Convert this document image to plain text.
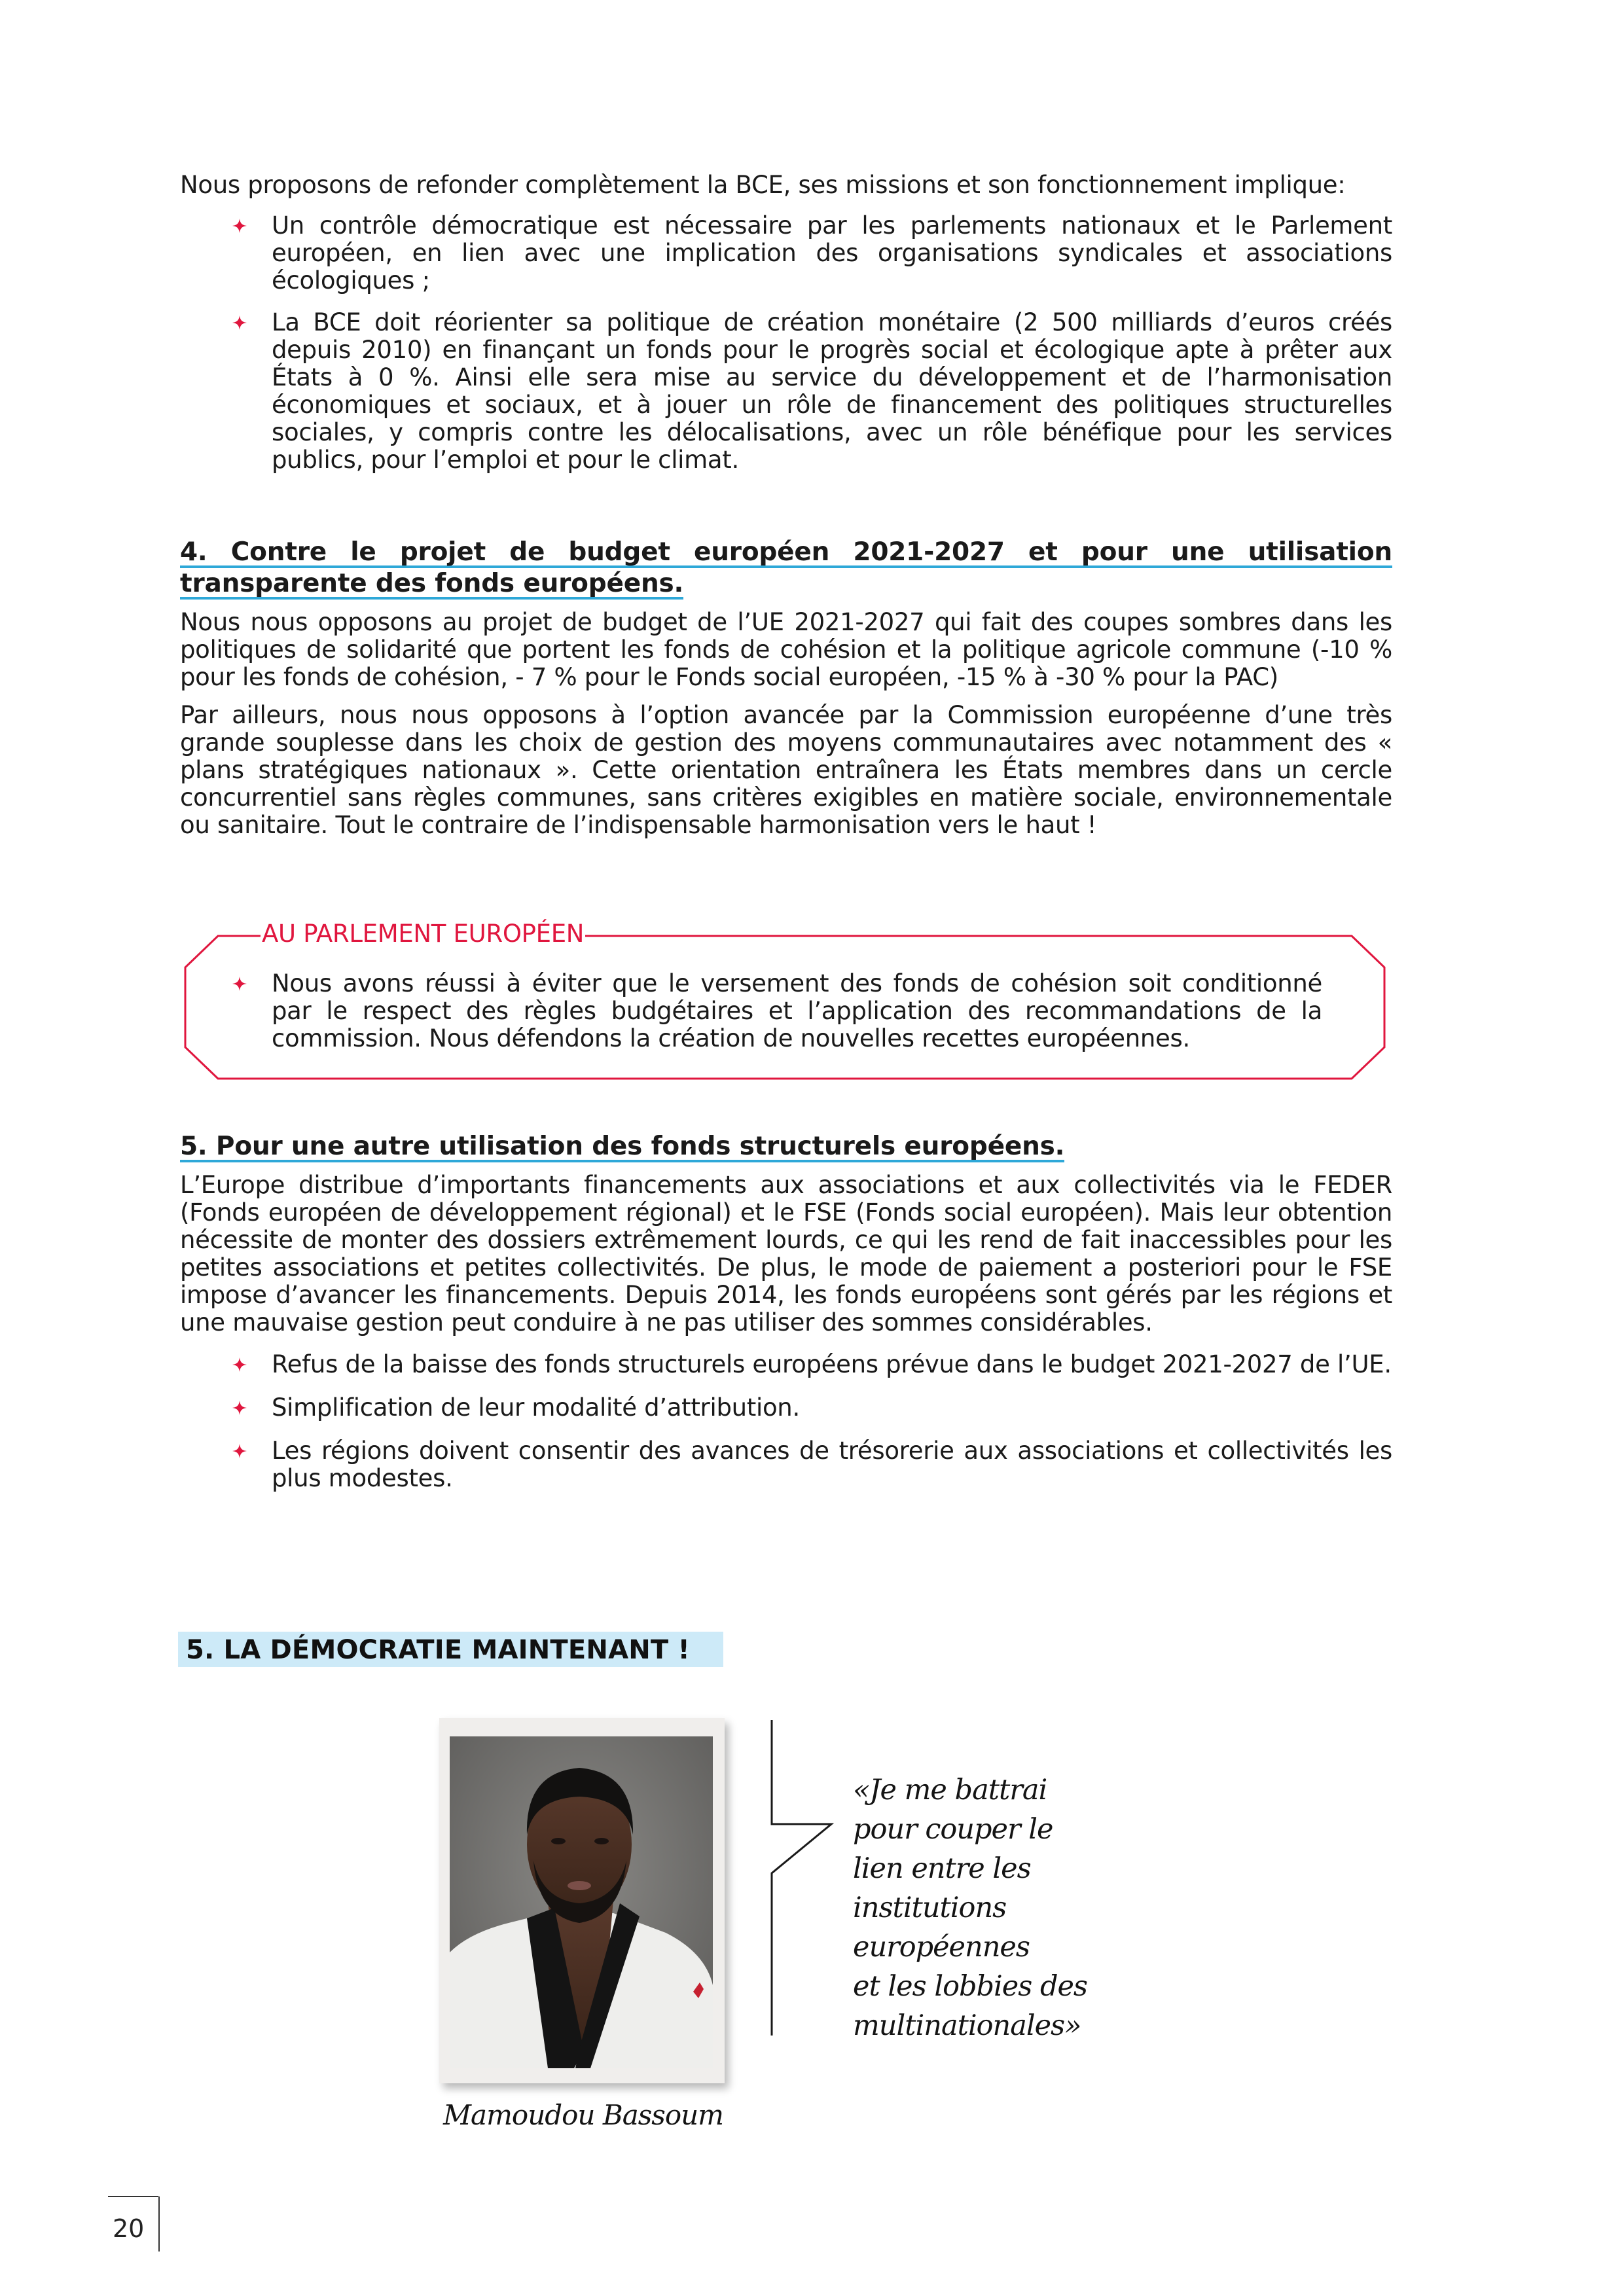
Nous proposons de refonder complètement la BCE, ses missions et son fonctionnement implique:

Un contrôle démocratique est nécessaire par les parlements nationaux et le Parlement européen, en lien avec une implication des organisations syndicales et associations écologiques ;
La BCE doit réorienter sa politique de création monétaire (2 500 milliards d’euros créés depuis 2010) en finançant un fonds pour le progrès social et écologique apte à prêter aux États à 0 %. Ainsi elle sera mise au service du développement et de l’harmonisation économiques et sociaux, et à jouer un rôle de financement des politiques structurelles sociales, y compris contre les délocalisations, avec un rôle bénéfique pour les services publics, pour l’emploi et pour le climat.
4. Contre le projet de budget européen 2021-2027 et pour une utilisation transparente des fonds européens.

Nous nous opposons au projet de budget de l’UE 2021-2027 qui fait des coupes sombres dans les politiques de solidarité que portent les fonds de cohésion et la politique agricole commune (-10 % pour les fonds de cohésion, - 7 % pour le Fonds social européen, -15 % à -30 % pour la PAC)

Par ailleurs, nous nous opposons à l’option avancée par la Commission européenne d’une très grande souplesse dans les choix de gestion des moyens communautaires avec notamment des « plans stratégiques nationaux ». Cette orientation entraînera les États membres dans un cercle concurrentiel sans règles communes, sans critères exigibles en matière sociale, environnementale ou sanitaire. Tout le contraire de l’indispensable harmonisation vers le haut !

AU PARLEMENT EUROPÉEN
Nous avons réussi à éviter que le versement des fonds de cohésion soit conditionné par le respect des règles budgétaires et l’application des recommandations de la commission. Nous défendons la création de nouvelles recettes européennes.
5. Pour une autre utilisation des fonds structurels européens.

L’Europe distribue d’importants financements aux associations et aux collectivités via le FEDER (Fonds européen de développement régional) et le FSE (Fonds social européen). Mais leur obtention nécessite de monter des dossiers extrêmement lourds, ce qui les rend de fait inaccessibles pour les petites associations et petites collectivités. De plus, le mode de paiement a posteriori pour le FSE impose d’avancer les financements. Depuis 2014, les fonds européens sont gérés par les régions et une mauvaise gestion peut conduire à ne pas utiliser des sommes considérables.

Refus de la baisse des fonds structurels européens prévue dans le budget 2021-2027 de l’UE.
Simplification de leur modalité d’attribution.
Les régions doivent consentir des avances de trésorerie aux associations et collectivités les plus modestes.
5. LA DÉMOCRATIE MAINTENANT !
«Je me battrai
pour couper le
lien entre les
institutions
européennes
et les lobbies des
multinationales»
Mamoudou Bassoum
20
